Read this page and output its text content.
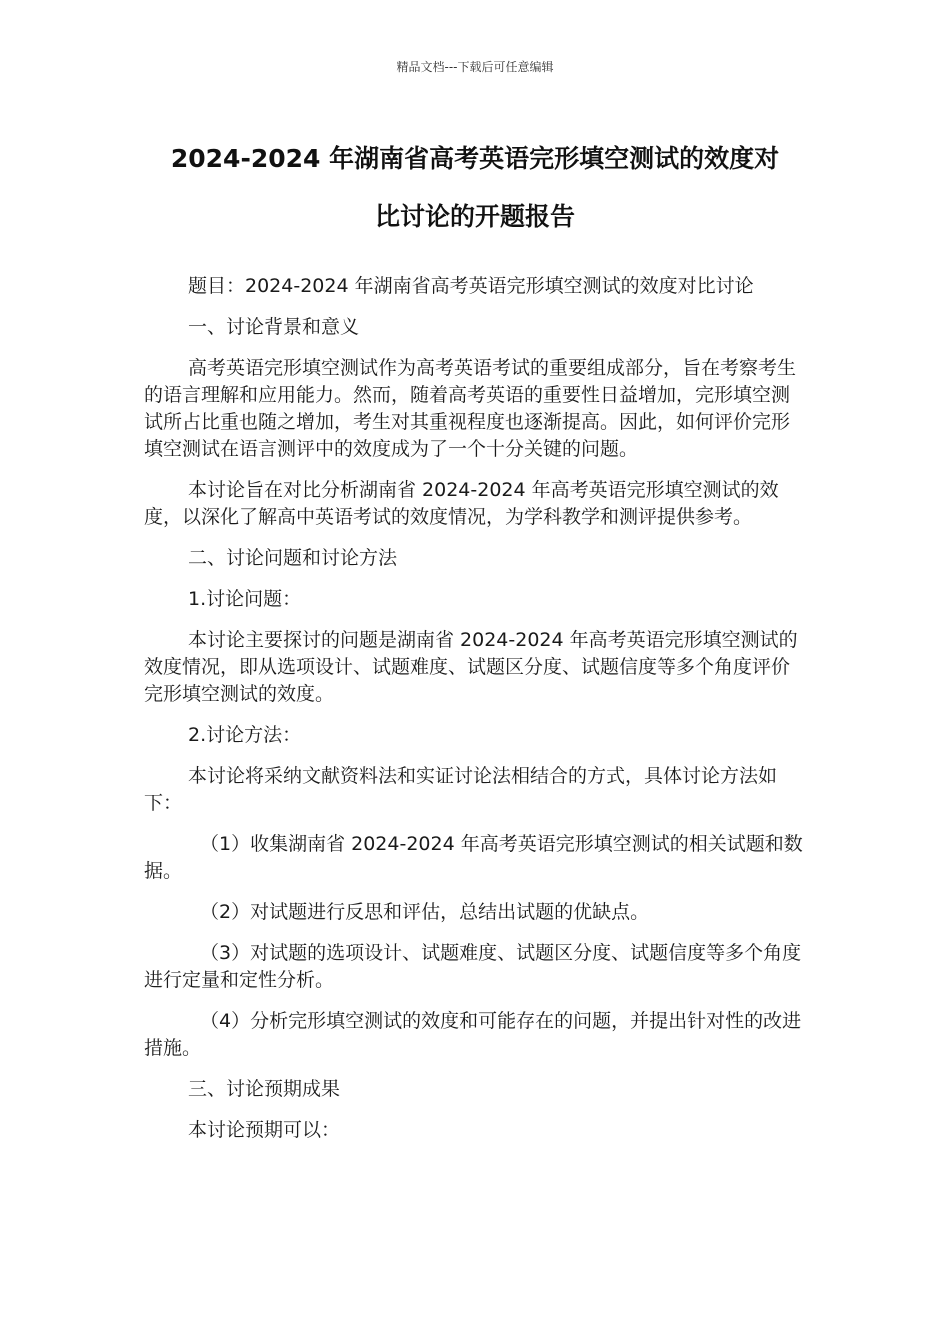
精品文档---下载后可任意编辑
2024-2024 年湖南省高考英语完形填空测试的效度对
比讨论的开题报告

题目：2024-2024 年湖南省高考英语完形填空测试的效度对比讨论

一、讨论背景和意义

高考英语完形填空测试作为高考英语考试的重要组成部分，旨在考察考生的语言理解和应用能力。然而，随着高考英语的重要性日益增加，完形填空测试所占比重也随之增加，考生对其重视程度也逐渐提高。因此，如何评价完形填空测试在语言测评中的效度成为了一个十分关键的问题。

本讨论旨在对比分析湖南省 2024-2024 年高考英语完形填空测试的效度，以深化了解高中英语考试的效度情况，为学科教学和测评提供参考。

二、讨论问题和讨论方法

1.讨论问题：

本讨论主要探讨的问题是湖南省 2024-2024 年高考英语完形填空测试的效度情况，即从选项设计、试题难度、试题区分度、试题信度等多个角度评价完形填空测试的效度。

2.讨论方法：

本讨论将采纳文献资料法和实证讨论法相结合的方式，具体讨论方法如下：

（1）收集湖南省 2024-2024 年高考英语完形填空测试的相关试题和数据。

（2）对试题进行反思和评估，总结出试题的优缺点。

（3）对试题的选项设计、试题难度、试题区分度、试题信度等多个角度进行定量和定性分析。

（4）分析完形填空测试的效度和可能存在的问题，并提出针对性的改进措施。

三、讨论预期成果

本讨论预期可以：
